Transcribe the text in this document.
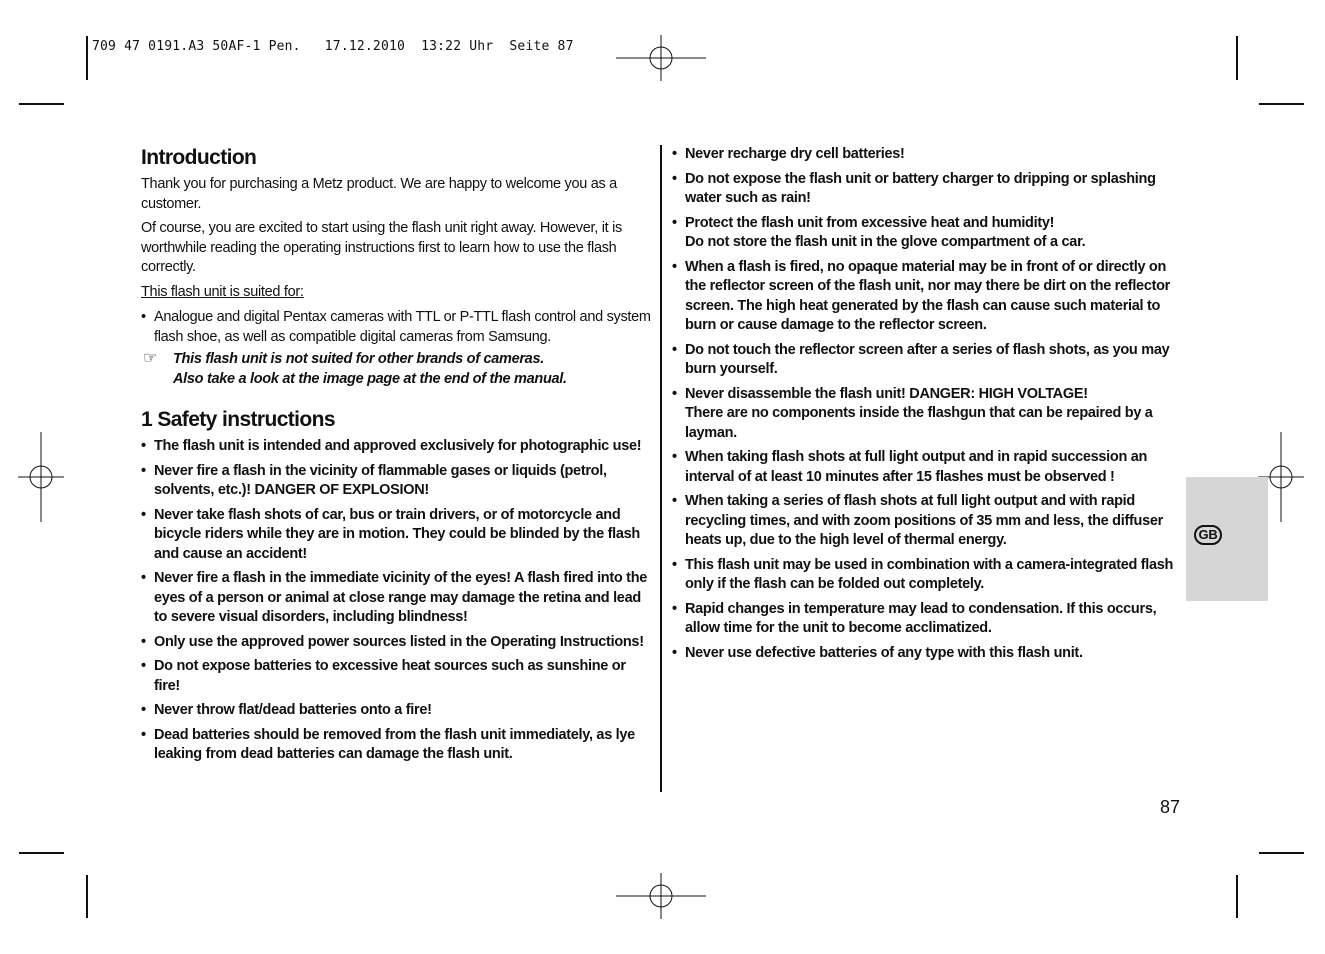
709 47 0191.A3 50AF-1 Pen.   17.12.2010  13:22 Uhr  Seite 87
Introduction

Thank you for purchasing a Metz product. We are happy to welcome you as a customer.

Of course, you are excited to start using the flash unit right away. However, it is worthwhile reading the operating instructions first to learn how to use the flash correctly.

This flash unit is suited for:

• Analogue and digital Pentax cameras with TTL or P-TTL flash control and system flash shoe, as well as compatible digital cameras from Samsung.

☞ This flash unit is not suited for other brands of cameras.
Also take a look at the image page at the end of the manual.

1 Safety instructions

• The flash unit is intended and approved exclusively for photographic use!

• Never fire a flash in the vicinity of flammable gases or liquids (petrol, solvents, etc.)! DANGER OF EXPLOSION!

• Never take flash shots of car, bus or train drivers, or of motorcycle and bicycle riders while they are in motion. They could be blinded by the flash and cause an accident!

• Never fire a flash in the immediate vicinity of the eyes! A flash fired into the eyes of a person or animal at close range may damage the retina and lead to severe visual disorders, including blindness!

• Only use the approved power sources listed in the Operating Instructions!

• Do not expose batteries to excessive heat sources such as sunshine or fire!

• Never throw flat/dead batteries onto a fire!

• Dead batteries should be removed from the flash unit immediately, as lye leaking from dead batteries can damage the flash unit.

• Never recharge dry cell batteries!

• Do not expose the flash unit or battery charger to dripping or splashing water such as rain!

• Protect the flash unit from excessive heat and humidity!

Do not store the flash unit in the glove compartment of a car.

• When a flash is fired, no opaque material may be in front of or directly on the reflector screen of the flash unit, nor may there be dirt on the reflector screen. The high heat generated by the flash can cause such material to burn or cause damage to the reflector screen.

• Do not touch the reflector screen after a series of flash shots, as you may burn yourself.

• Never disassemble the flash unit! DANGER: HIGH VOLTAGE!

There are no components inside the flashgun that can be repaired by a layman.

• When taking flash shots at full light output and in rapid succession an interval of at least 10 minutes after 15 flashes must be observed !

• When taking a series of flash shots at full light output and with rapid recycling times, and with zoom positions of 35 mm and less, the diffuser heats up, due to the high level of thermal energy.

• This flash unit may be used in combination with a camera-integrated flash only if the flash can be folded out completely.

• Rapid changes in temperature may lead to condensation. If this occurs, allow time for the unit to become acclimatized.

• Never use defective batteries of any type with this flash unit.

GB
87
